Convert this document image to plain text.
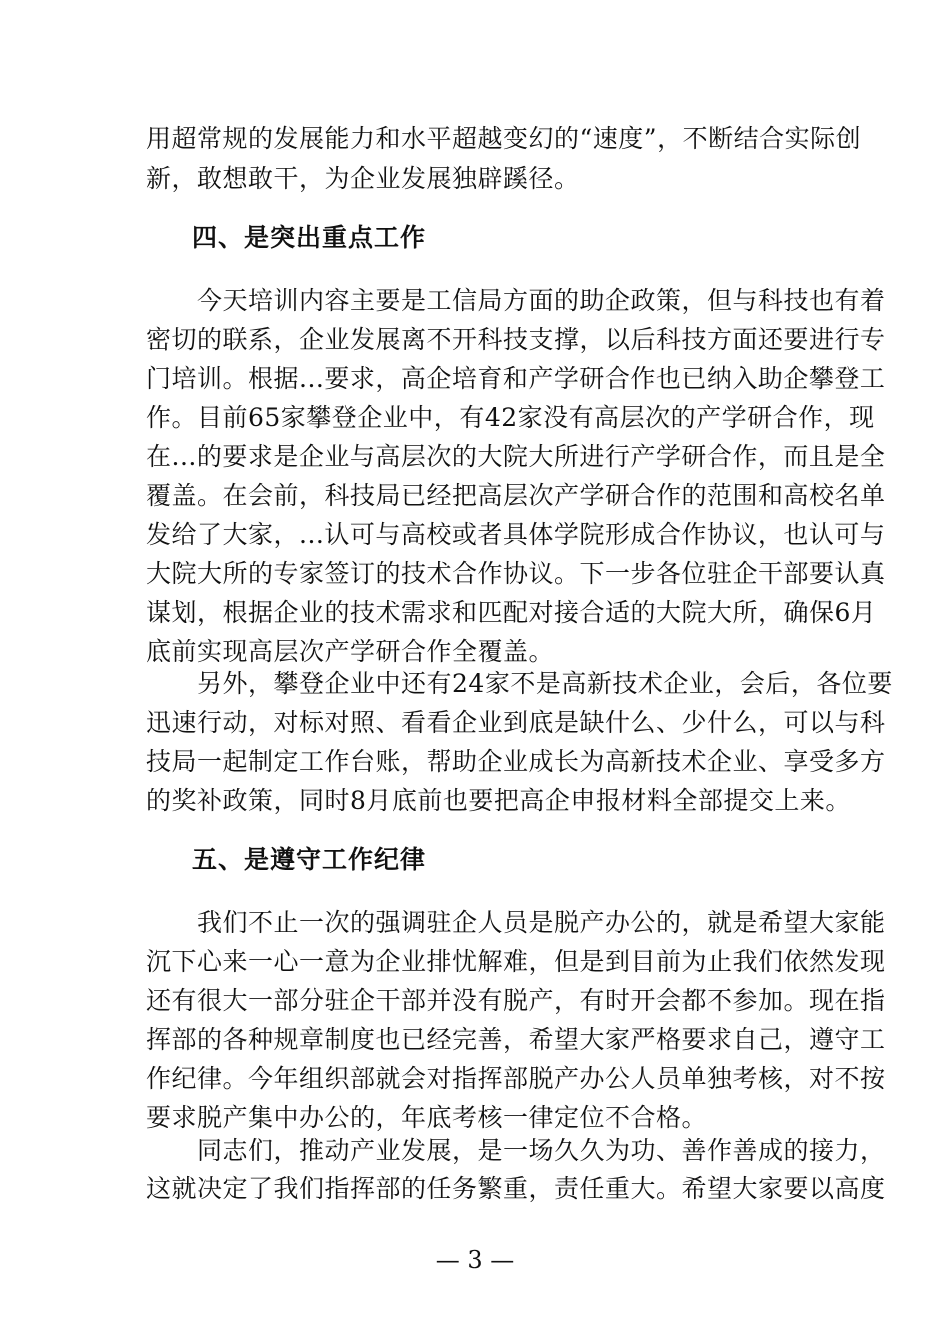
用超常规的发展能力和水平超越变幻的“速度”，不断结合实际创
新，敢想敢干，为企业发展独辟蹊径。
四、是突出重点工作
　　今天培训内容主要是工信局方面的助企政策，但与科技也有着
密切的联系，企业发展离不开科技支撑，以后科技方面还要进行专
门培训。根据...要求，高企培育和产学研合作也已纳入助企攀登工
作。目前65家攀登企业中，有42家没有高层次的产学研合作，现
在...的要求是企业与高层次的大院大所进行产学研合作，而且是全
覆盖。在会前，科技局已经把高层次产学研合作的范围和高校名单
发给了大家，...认可与高校或者具体学院形成合作协议，也认可与
大院大所的专家签订的技术合作协议。下一步各位驻企干部要认真
谋划，根据企业的技术需求和匹配对接合适的大院大所，确保6月
底前实现高层次产学研合作全覆盖。
　　另外，攀登企业中还有24家不是高新技术企业，会后，各位要
迅速行动，对标对照、看看企业到底是缺什么、少什么，可以与科
技局一起制定工作台账，帮助企业成长为高新技术企业、享受多方
的奖补政策，同时8月底前也要把高企申报材料全部提交上来。
五、是遵守工作纪律
　　我们不止一次的强调驻企人员是脱产办公的，就是希望大家能
沉下心来一心一意为企业排忧解难，但是到目前为止我们依然发现
还有很大一部分驻企干部并没有脱产，有时开会都不参加。现在指
挥部的各种规章制度也已经完善，希望大家严格要求自己，遵守工
作纪律。今年组织部就会对指挥部脱产办公人员单独考核，对不按
要求脱产集中办公的，年底考核一律定位不合格。
　　同志们，推动产业发展，是一场久久为功、善作善成的接力，
这就决定了我们指挥部的任务繁重，责任重大。希望大家要以高度
— 3 —
